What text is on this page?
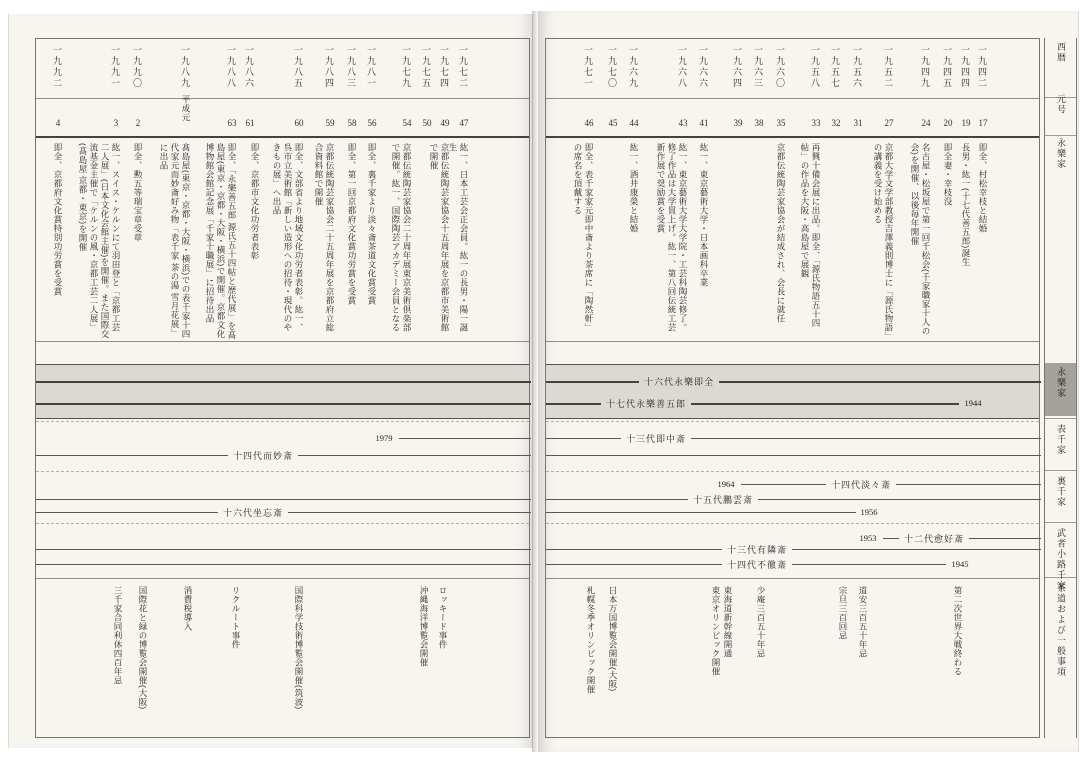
一九七二
47
一九七四
49
一九七五
50
一九七九
54
一九八一
56
一九八三
58
一九八四
59
一九八五
60
一九八六
61
一九八八
63
一九八九
平成元
一九九〇
2
一九九一
3
一九九二
4
紘一、日本工芸会正会員。紘一の長男・陽一誕生
京都伝統陶芸家協会十五周年展を京都市美術館で開催
京都伝統陶芸家協会二十周年展東京美術倶楽部で開催。紘一、国際陶芸アカデミー会員となる
即全、裏千家より淡々斎茶道文化賞受賞
即全、第一回京都府文化賞功労賞を受賞
京都伝統陶芸家協会二十五周年展を京都府立総合資料館で開催
即全、文部省より地域文化功労者表彰。紘一、呉市立美術館「新しい造形への招待・現代のやきもの展」へ出品
即全、京都市文化功労者表彰
即全、「永樂善五郎 源氏五十四帖と歴代展」を髙島屋(東京・京都・大阪・横浜)で開催。京都文化博物館会館記念展「千家十職展」に招待出品
髙島屋(東京・京都・大阪・横浜)での表千家十四代家元而妙斎好み物「表千家 茶の湯 雪月花展」に出品
即全、勲五等瑞宝章受章
紘一、スイス・ケルンにて羽田登と「京都工芸二人展」(日本文化会館主催)を開催。また国際交流基金主催で「ケルンの風・京都工芸二人展」(髙島屋 京都・東京)を開催
即全、京都府文化賞特別功労賞を受賞
ロッキード事件
沖縄海洋博覧会開催
国際科学技術博覧会開催(筑波)
リクルート事件
消費税導入
国際花と緑の博覧会開催(大阪)
三千家合同利休四百年忌
1979
十四代而妙斎
十六代坐忘斎
一九四二
17
一九四四
19
一九四五
20
一九四九
24
一九五二
27
一九五六
31
一九五七
32
一九五八
33
一九六〇
35
一九六三
38
一九六四
39
一九六六
41
一九六八
43
一九六九
44
一九七〇
45
一九七一
46
即全、村松幸枝と結婚
長男・紘一(十七代善五郎)誕生
即全妻・幸枝没
名古屋・松坂屋で第一回千松会(千家職家十人の会)を開催、以後毎年開催
京都大学文学部教授吉澤義則博士に「源氏物語」の講義を受け始める
再興十備会展に出品。即全、「源氏物語五十四帖」の作品を大阪・高島屋で展観
京都伝統陶芸家協会が結成され、会長に就任
紘一、東京藝術大学・日本画科卒業
紘一、東京藝術大学大学院・工芸科陶芸修了。修了作品は大学買上げ。紘一、第八回伝統工芸新作展で奨励賞を受賞
紘一、酒井康榮と結婚
即全、表千家家元即中斎より茶席に「陶然軒」の席名を頂戴する
第二次世界大戦終わる
道安三百五十年忌
宗旦三百回忌
少庵三百五十年忌
東海道新幹線開通
東京オリンピック開催
日本万国博覧会開催(大阪)
札幌冬季オリンピック開催
十六代永樂即全
十七代永樂善五郎	1944
十三代即中斎
十四代淡々斎
1964
十五代鵬雲斎
1956
十二代愈好斎
1953
十三代有隣斎
十四代不徹斎	1945
西暦
元号
永樂家
永樂家
表千家
裏千家
武者小路千家
茶道および一般事項
